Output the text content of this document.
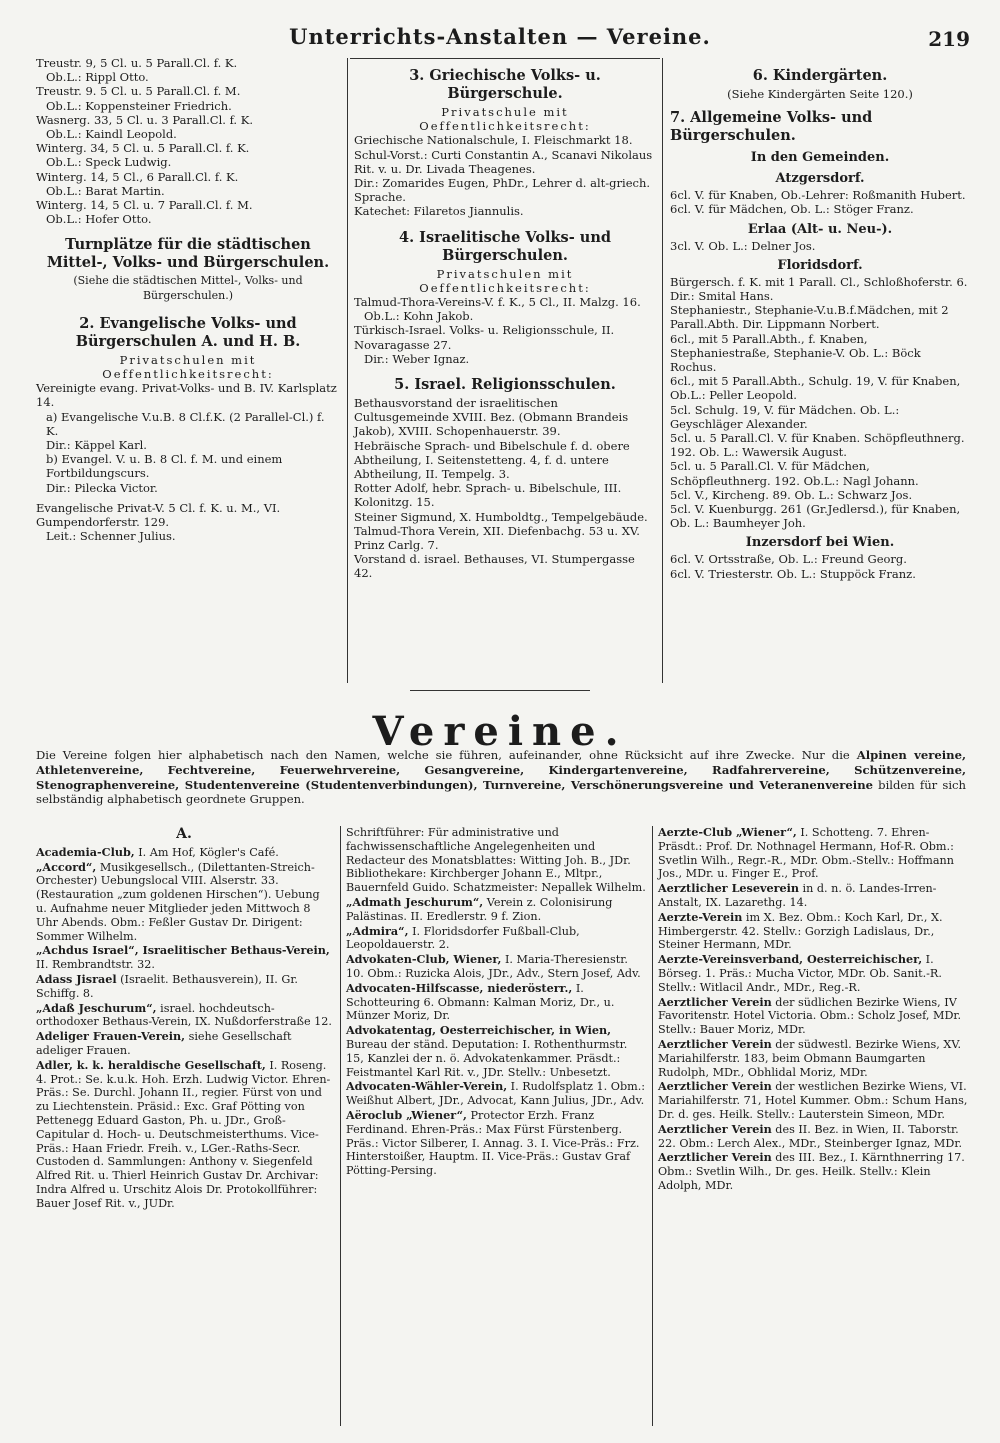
Unterrichts-Anstalten — Vereine.	219

Treustr. 9, 5 Cl. u. 5 Parall.Cl. f. K.
Ob.L.: Rippl Otto.

Treustr. 9. 5 Cl. u. 5 Parall.Cl. f. M.
Ob.L.: Koppensteiner Friedrich.

Wasnerg. 33, 5 Cl. u. 3 Parall.Cl. f. K.
Ob.L.: Kaindl Leopold.

Winterg. 34, 5 Cl. u. 5 Parall.Cl. f. K.
Ob.L.: Speck Ludwig.

Winterg. 14, 5 Cl., 6 Parall.Cl. f. K.
Ob.L.: Barat Martin.

Winterg. 14, 5 Cl. u. 7 Parall.Cl. f. M.
Ob.L.: Hofer Otto.

Turnplätze für die städtischen Mittel-, Volks- und Bürgerschulen.
(Siehe die städtischen Mittel-, Volks- und Bürgerschulen.)
2. Evangelische Volks- und Bürgerschulen A. und H. B.
Privatschulen mit Oeffentlichkeitsrecht:

Vereinigte evang. Privat-Volks- und B. IV. Karlsplatz 14.

a) Evangelische V.u.B. 8 Cl.f.K. (2 Parallel-Cl.) f. K.

Dir.: Käppel Karl.

b) Evangel. V. u. B. 8 Cl. f. M. und einem Fortbildungscurs.

Dir.: Pilecka Victor.

Evangelische Privat-V. 5 Cl. f. K. u. M., VI. Gumpendorferstr. 129.

Leit.: Schenner Julius.

3. Griechische Volks- u. Bürgerschule.
Privatschule mit Oeffentlichkeitsrecht:

Griechische Nationalschule, I. Fleischmarkt 18.

Schul-Vorst.: Curti Constantin A., Scanavi Nikolaus Rit. v. u. Dr. Livada Theagenes.

Dir.: Zomarides Eugen, PhDr., Lehrer d. alt-griech. Sprache.

Katechet: Filaretos Jiannulis.

4. Israelitische Volks- und Bürgerschulen.
Privatschulen mit Oeffentlichkeitsrecht:

Talmud-Thora-Vereins-V. f. K., 5 Cl., II. Malzg. 16.

Ob.L.: Kohn Jakob.

Türkisch-Israel. Volks- u. Religionsschule, II. Novaragasse 27.

Dir.: Weber Ignaz.

5. Israel. Religionsschulen.

Bethausvorstand der israelitischen Cultusgemeinde XVIII. Bez. (Obmann Brandeis Jakob), XVIII. Schopenhauerstr. 39.

Hebräische Sprach- und Bibelschule f. d. obere Abtheilung, I. Seitenstetteng. 4, f. d. untere Abtheilung, II. Tempelg. 3.

Rotter Adolf, hebr. Sprach- u. Bibelschule, III. Kolonitzg. 15.

Steiner Sigmund, X. Humboldtg., Tempelgebäude.

Talmud-Thora Verein, XII. Diefenbachg. 53 u. XV. Prinz Carlg. 7.

Vorstand d. israel. Bethauses, VI. Stumpergasse 42.

6. Kindergärten.
(Siehe Kindergärten Seite 120.)
7. Allgemeine Volks- und Bürgerschulen.
In den Gemeinden.
Atzgersdorf.

6cl. V. für Knaben, Ob.-Lehrer: Roßmanith Hubert.

6cl. V. für Mädchen, Ob. L.: Stöger Franz.

Erlaa (Alt- u. Neu-).

3cl. V. Ob. L.: Delner Jos.

Floridsdorf.

Bürgersch. f. K. mit 1 Parall. Cl., Schloßhoferstr. 6. Dir.: Smital Hans.

Stephaniestr., Stephanie-V.u.B.f.Mädchen, mit 2 Parall.Abth. Dir. Lippmann Norbert.

6cl., mit 5 Parall.Abth., f. Knaben, Stephaniestraße, Stephanie-V. Ob. L.: Böck Rochus.

6cl., mit 5 Parall.Abth., Schulg. 19, V. für Knaben, Ob.L.: Peller Leopold.

5cl. Schulg. 19, V. für Mädchen. Ob. L.: Geyschläger Alexander.

5cl. u. 5 Parall.Cl. V. für Knaben. Schöpfleuthnerg. 192. Ob. L.: Wawersik August.

5cl. u. 5 Parall.Cl. V. für Mädchen, Schöpfleuthnerg. 192. Ob.L.: Nagl Johann.

5cl. V., Kircheng. 89. Ob. L.: Schwarz Jos.

5cl. V. Kuenburgg. 261 (Gr.Jedlersd.), für Knaben, Ob. L.: Baumheyer Joh.

Inzersdorf bei Wien.

6cl. V. Ortsstraße, Ob. L.: Freund Georg.

6cl. V. Triesterstr. Ob. L.: Stuppöck Franz.

Vereine.
Die Vereine folgen hier alphabetisch nach den Namen, welche sie führen, aufeinander, ohne Rücksicht auf ihre Zwecke. Nur die Alpinen vereine, Athletenvereine, Fechtvereine, Feuerwehrvereine, Gesangvereine, Kindergartenvereine, Radfahrervereine, Schützenvereine, Stenographenvereine, Studentenvereine (Studentenverbindungen), Turnvereine, Verschönerungsvereine und Veteranenvereine bilden für sich selbständig alphabetisch geordnete Gruppen.
A.

Academia-Club, I. Am Hof, Kögler's Café.

„Accord“, Musikgesellsch., (Dilettanten-Streich-Orchester) Uebungslocal VIII. Alserstr. 33. (Restauration „zum goldenen Hirschen“). Uebung u. Aufnahme neuer Mitglieder jeden Mittwoch 8 Uhr Abends. Obm.: Feßler Gustav Dr. Dirigent: Sommer Wilhelm.

„Achdus Israel“, Israelitischer Bethaus-Verein, II. Rembrandtstr. 32.

Adass Jisrael (Israelit. Bethausverein), II. Gr. Schiffg. 8.

„Adaß Jeschurum“, israel. hochdeutsch-orthodoxer Bethaus-Verein, IX. Nußdorferstraße 12.

Adeliger Frauen-Verein, siehe Gesellschaft adeliger Frauen.

Adler, k. k. heraldische Gesellschaft, I. Roseng. 4. Prot.: Se. k.u.k. Hoh. Erzh. Ludwig Victor. Ehren-Präs.: Se. Durchl. Johann II., regier. Fürst von und zu Liechtenstein. Präsid.: Exc. Graf Pötting von Pettenegg Eduard Gaston, Ph. u. JDr., Groß-Capitular d. Hoch- u. Deutschmeisterthums. Vice-Präs.: Haan Friedr. Freih. v., LGer.-Raths-Secr. Custoden d. Sammlungen: Anthony v. Siegenfeld Alfred Rit. u. Thierl Heinrich Gustav Dr. Archivar: Indra Alfred u. Urschitz Alois Dr. Protokollführer: Bauer Josef Rit. v., JUDr.

Schriftführer: Für administrative und fachwissenschaftliche Angelegenheiten und Redacteur des Monatsblattes: Witting Joh. B., JDr. Bibliothekare: Kirchberger Johann E., Mltpr., Bauernfeld Guido. Schatzmeister: Nepallek Wilhelm.

„Admath Jeschurum“, Verein z. Colonisirung Palästinas. II. Eredlerstr. 9 f. Zion.

„Admira“, I. Floridsdorfer Fußball-Club, Leopoldauerstr. 2.

Advokaten-Club, Wiener, I. Maria-Theresienstr. 10. Obm.: Ruzicka Alois, JDr., Adv., Stern Josef, Adv.

Advocaten-Hilfscasse, niederösterr., I. Schotteuring 6. Obmann: Kalman Moriz, Dr., u. Münzer Moriz, Dr.

Advokatentag, Oesterreichischer, in Wien, Bureau der ständ. Deputation: I. Rothenthurmstr. 15, Kanzlei der n. ö. Advokatenkammer. Präsdt.: Feistmantel Karl Rit. v., JDr. Stellv.: Unbesetzt.

Advocaten-Wähler-Verein, I. Rudolfsplatz 1. Obm.: Weißhut Albert, JDr., Advocat, Kann Julius, JDr., Adv.

Aëroclub „Wiener“, Protector Erzh. Franz Ferdinand. Ehren-Präs.: Max Fürst Fürstenberg. Präs.: Victor Silberer, I. Annag. 3. I. Vice-Präs.: Frz. Hinterstoißer, Hauptm. II. Vice-Präs.: Gustav Graf Pötting-Persing.

Aerzte-Club „Wiener“, I. Schotteng. 7. Ehren-Präsdt.: Prof. Dr. Nothnagel Hermann, Hof-R. Obm.: Svetlin Wilh., Regr.-R., MDr. Obm.-Stellv.: Hoffmann Jos., MDr. u. Finger E., Prof.

Aerztlicher Leseverein in d. n. ö. Landes-Irren-Anstalt, IX. Lazarethg. 14.

Aerzte-Verein im X. Bez. Obm.: Koch Karl, Dr., X. Himbergerstr. 42. Stellv.: Gorzigh Ladislaus, Dr., Steiner Hermann, MDr.

Aerzte-Vereinsverband, Oesterreichischer, I. Börseg. 1. Präs.: Mucha Victor, MDr. Ob. Sanit.-R. Stellv.: Witlacil Andr., MDr., Reg.-R.

Aerztlicher Verein der südlichen Bezirke Wiens, IV Favoritenstr. Hotel Victoria. Obm.: Scholz Josef, MDr. Stellv.: Bauer Moriz, MDr.

Aerztlicher Verein der südwestl. Bezirke Wiens, XV. Mariahilferstr. 183, beim Obmann Baumgarten Rudolph, MDr., Obhlidal Moriz, MDr.

Aerztlicher Verein der westlichen Bezirke Wiens, VI. Mariahilferstr. 71, Hotel Kummer. Obm.: Schum Hans, Dr. d. ges. Heilk. Stellv.: Lauterstein Simeon, MDr.

Aerztlicher Verein des II. Bez. in Wien, II. Taborstr. 22. Obm.: Lerch Alex., MDr., Steinberger Ignaz, MDr.

Aerztlicher Verein des III. Bez., I. Kärnthnerring 17. Obm.: Svetlin Wilh., Dr. ges. Heilk. Stellv.: Klein Adolph, MDr.
